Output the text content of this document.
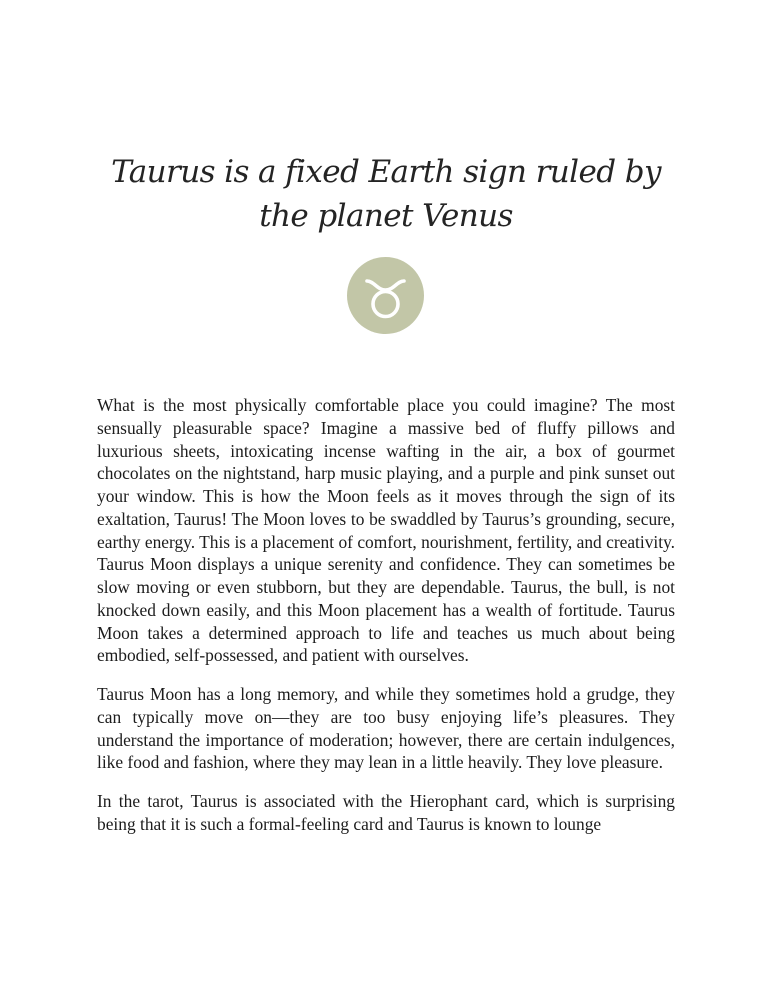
Taurus is a fixed Earth sign ruled by the planet Venus

What is the most physically comfortable place you could imagine? The most sensually pleasurable space? Imagine a massive bed of fluffy pillows and luxurious sheets, intoxicating incense wafting in the air, a box of gourmet chocolates on the nightstand, harp music playing, and a purple and pink sunset out your window. This is how the Moon feels as it moves through the sign of its exaltation, Taurus! The Moon loves to be swaddled by Taurus’s grounding, secure, earthy energy. This is a placement of comfort, nourishment, fertility, and creativity. Taurus Moon displays a unique serenity and confidence. They can sometimes be slow moving or even stubborn, but they are dependable. Taurus, the bull, is not knocked down easily, and this Moon placement has a wealth of fortitude. Taurus Moon takes a determined approach to life and teaches us much about being embodied, self-possessed, and patient with ourselves.

Taurus Moon has a long memory, and while they sometimes hold a grudge, they can typically move on—they are too busy enjoying life’s pleasures. They understand the importance of moderation; however, there are certain indulgences, like food and fashion, where they may lean in a little heavily. They love pleasure.

In the tarot, Taurus is associated with the Hierophant card, which is surprising being that it is such a formal-feeling card and Taurus is known to lounge
